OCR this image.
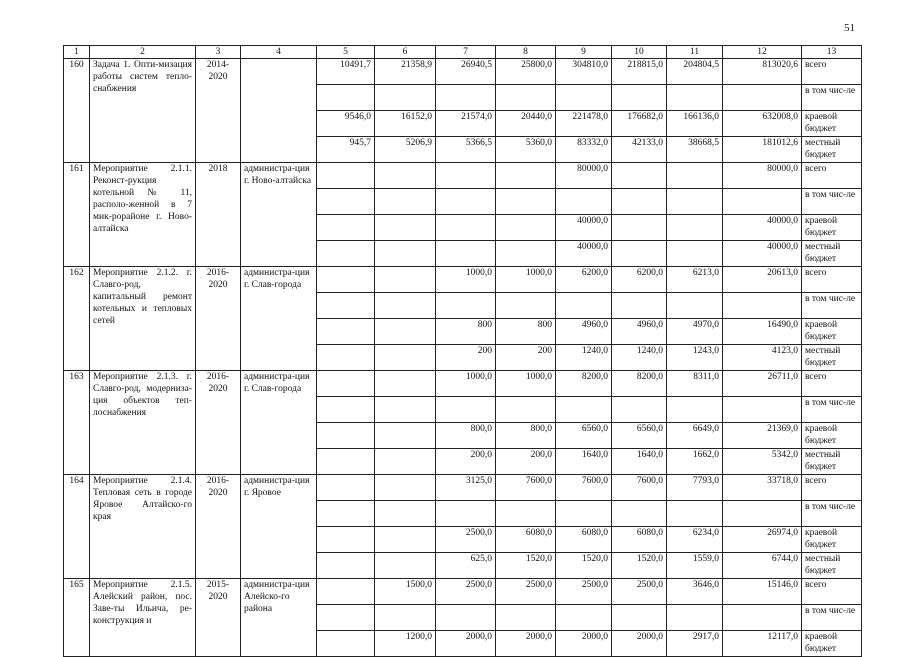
51
1	2	3	4	5	6	7	8	9	10	11	12	13
160	Задача 1. Опти-мизация работы систем тепло-снабжения	2014-2020		10491,7	21358,9	26940,5	25800,0	304810,0	218815,0	204804,5	813020,6	всего
												в том чис-ле
				9546,0	16152,0	21574,0	20440,0	221478,0	176682,0	166136,0	632008,0	краевой бюджет
				945,7	5206,9	5366,5	5360,0	83332,0	42133,0	38668,5	181012,6	местный бюджет
161	Мероприятие 2.1.1. Реконст-рукция котельной № 11, располо-женной в 7 мик-рорайоне г. Ново-алтайска	2018	администра-ция г. Ново-алтайска					80000,0			80000,0	всего
												в том чис-ле
								40000,0			40000,0	краевой бюджет
								40000,0			40000,0	местный бюджет
162	Мероприятие 2.1.2. г. Славго-род, капитальный ремонт котельных и тепловых сетей	2016-2020	администра-ция г. Слав-города			1000,0	1000,0	6200,0	6200,0	6213,0	20613,0	всего
												в том чис-ле
						800	800	4960,0	4960,0	4970,0	16490,0	краевой бюджет
						200	200	1240,0	1240,0	1243,0	4123,0	местный бюджет
163	Мероприятие 2.1.3. г. Славго-род, модерниза-ция объектов теп-лоснабжения	2016-2020	администра-ция г. Слав-города			1000,0	1000,0	8200,0	8200,0	8311,0	26711,0	всего
												в том чис-ле
						800,0	800,0	6560,0	6560,0	6649,0	21369,0	краевой бюджет
						200,0	200,0	1640,0	1640,0	1662,0	5342,0	местный бюджет
164	Мероприятие 2.1.4. Тепловая сеть в городе Яровое Алтайско-го края	2016-2020	администра-ция г. Яровое			3125,0	7600,0	7600,0	7600,0	7793,0	33718,0	всего
												в том чис-ле
						2500,0	6080,0	6080,0	6080,0	6234,0	26974,0	краевой бюджет
						625,0	1520,0	1520,0	1520,0	1559,0	6744,0	местный бюджет
165	Мероприятие 2.1.5. Алейский район, пос. Заве-ты Ильича, ре-конструкция и	2015-2020	администра-ция Алейско-го района		1500,0	2500,0	2500,0	2500,0	2500,0	3646,0	15146,0	всего
												в том чис-ле
					1200,0	2000,0	2000,0	2000,0	2000,0	2917,0	12117,0	краевой бюджет
